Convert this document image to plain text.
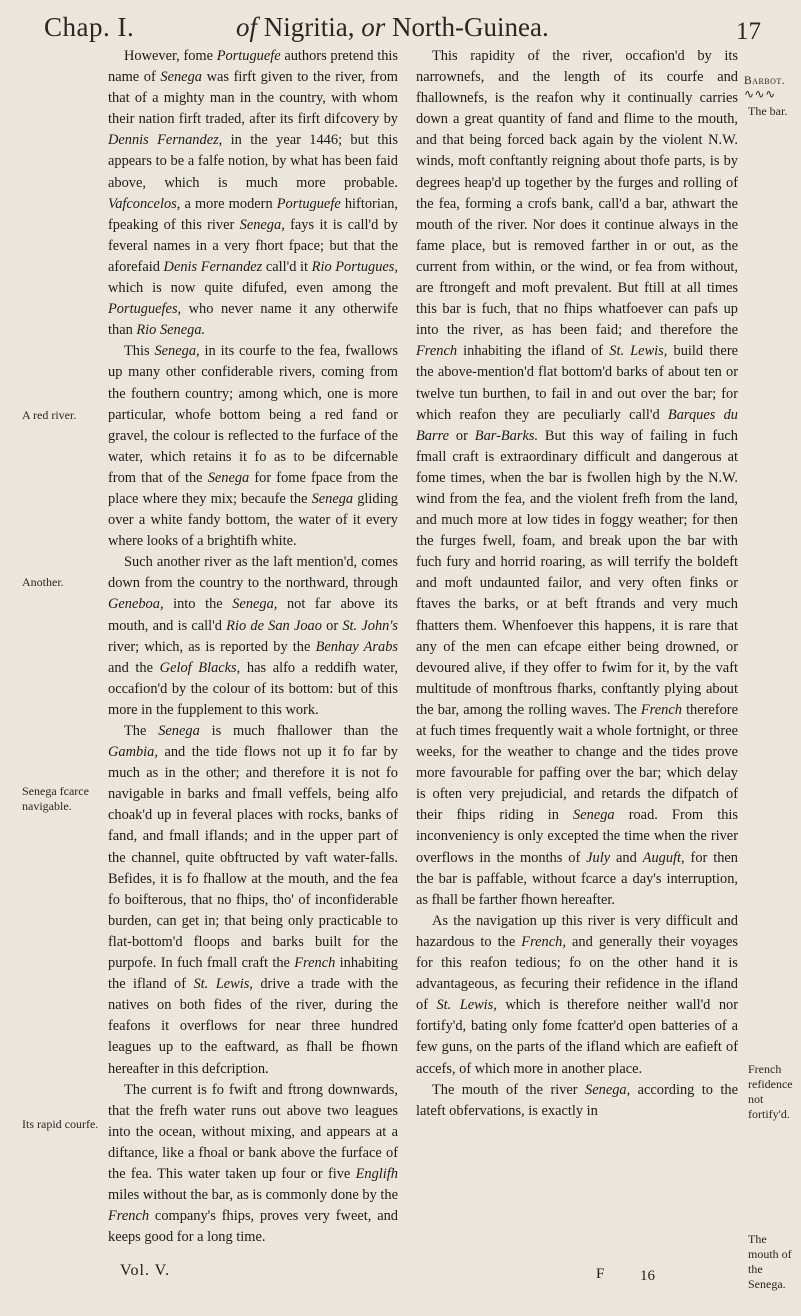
Chap. I.	of Nigritia, or North-Guinea.	17

However, fome Portuguefe authors pretend this name of Senega was firft given to the river, from that of a mighty man in the country, with whom their nation firft traded, after its firft difcovery by Dennis Fernandez, in the year 1446; but this appears to be a falfe notion, by what has been faid above, which is much more probable. Vafconcelos, a more modern Portuguefe hiftorian, fpeaking of this river Senega, fays it is call'd by feveral names in a very fhort fpace; but that the aforefaid Denis Fernandez call'd it Rio Portugues, which is now quite difufed, even among the Portuguefes, who never name it any otherwife than Rio Senega.

This Senega, in its courfe to the fea, fwallows up many other confiderable rivers, coming from the fouthern country; among which, one is more particular, whofe bottom being a red fand or gravel, the colour is reflected to the furface of the water, which retains it fo as to be difcernable from that of the Senega for fome fpace from the place where they mix; becaufe the Senega gliding over a white fandy bottom, the water of it every where looks of a brightifh white.

Such another river as the laft mention'd, comes down from the country to the northward, through Geneboa, into the Senega, not far above its mouth, and is call'd Rio de San Joao or St. John's river; which, as is reported by the Benhay Arabs and the Gelof Blacks, has alfo a reddifh water, occafion'd by the colour of its bottom: but of this more in the fupplement to this work.

The Senega is much fhallower than the Gambia, and the tide flows not up it fo far by much as in the other; and therefore it is not fo navigable in barks and fmall veffels, being alfo choak'd up in feveral places with rocks, banks of fand, and fmall iflands; and in the upper part of the channel, quite obftructed by vaft water-falls. Befides, it is fo fhallow at the mouth, and the fea fo boifterous, that no fhips, tho' of inconfiderable burden, can get in; that being only practicable to flat-bottom'd floops and barks built for the purpofe. In fuch fmall craft the French inhabiting the ifland of St. Lewis, drive a trade with the natives on both fides of the river, during the feafons it overflows for near three hundred leagues up to the eaftward, as fhall be fhown hereafter in this defcription.

The current is fo fwift and ftrong downwards, that the frefh water runs out above two leagues into the ocean, without mixing, and appears at a diftance, like a fhoal or bank above the furface of the fea. This water taken up four or five Englifh miles without the bar, as is commonly done by the French company's fhips, proves very fweet, and keeps good for a long time.

This rapidity of the river, occafion'd by its narrownefs, and the length of its courfe and fhallownefs, is the reafon why it continually carries down a great quantity of fand and flime to the mouth, and that being forced back again by the violent N.W. winds, moft conftantly reigning about thofe parts, is by degrees heap'd up together by the furges and rolling of the fea, forming a crofs bank, call'd a bar, athwart the mouth of the river. Nor does it continue always in the fame place, but is removed farther in or out, as the current from within, or the wind, or fea from without, are ftrongeft and moft prevalent. But ftill at all times this bar is fuch, that no fhips whatfoever can pafs up into the river, as has been faid; and therefore the French inhabiting the ifland of St. Lewis, build there the above-mention'd flat bottom'd barks of about ten or twelve tun burthen, to fail in and out over the bar; for which reafon they are peculiarly call'd Barques du Barre or Bar-Barks. But this way of failing in fuch fmall craft is extraordinary difficult and dangerous at fome times, when the bar is fwollen high by the N.W. wind from the fea, and the violent frefh from the land, and much more at low tides in foggy weather; for then the furges fwell, foam, and break upon the bar with fuch fury and horrid roaring, as will terrify the boldeft and moft undaunted failor, and very often finks or ftaves the barks, or at beft ftrands and very much fhatters them. Whenfoever this happens, it is rare that any of the men can efcape either being drowned, or devoured alive, if they offer to fwim for it, by the vaft multitude of monftrous fharks, conftantly plying about the bar, among the rolling waves. The French therefore at fuch times frequently wait a whole fortnight, or three weeks, for the weather to change and the tides prove more favourable for paffing over the bar; which delay is often very prejudicial, and retards the difpatch of their fhips riding in Senega road. From this inconveniency is only excepted the time when the river overflows in the months of July and Auguft, for then the bar is paffable, without fcarce a day's interruption, as fhall be farther fhown hereafter.

As the navigation up this river is very difficult and hazardous to the French, and generally their voyages for this reafon tedious; fo on the other hand it is advantageous, as fecuring their refidence in the ifland of St. Lewis, which is therefore neither wall'd nor fortify'd, bating only fome fcatter'd open batteries of a few guns, on the parts of the ifland which are eafieft of accefs, of which more in another place.

The mouth of the river Senega, according to the lateft obfervations, is exactly in

A red river.
Another.
Senega fcarce navigable.
Its rapid courfe.
Barbot.
∿∿∿
The bar.
French refidence not fortify'd.
The mouth of the Senega.
Vol. V.	F 16
